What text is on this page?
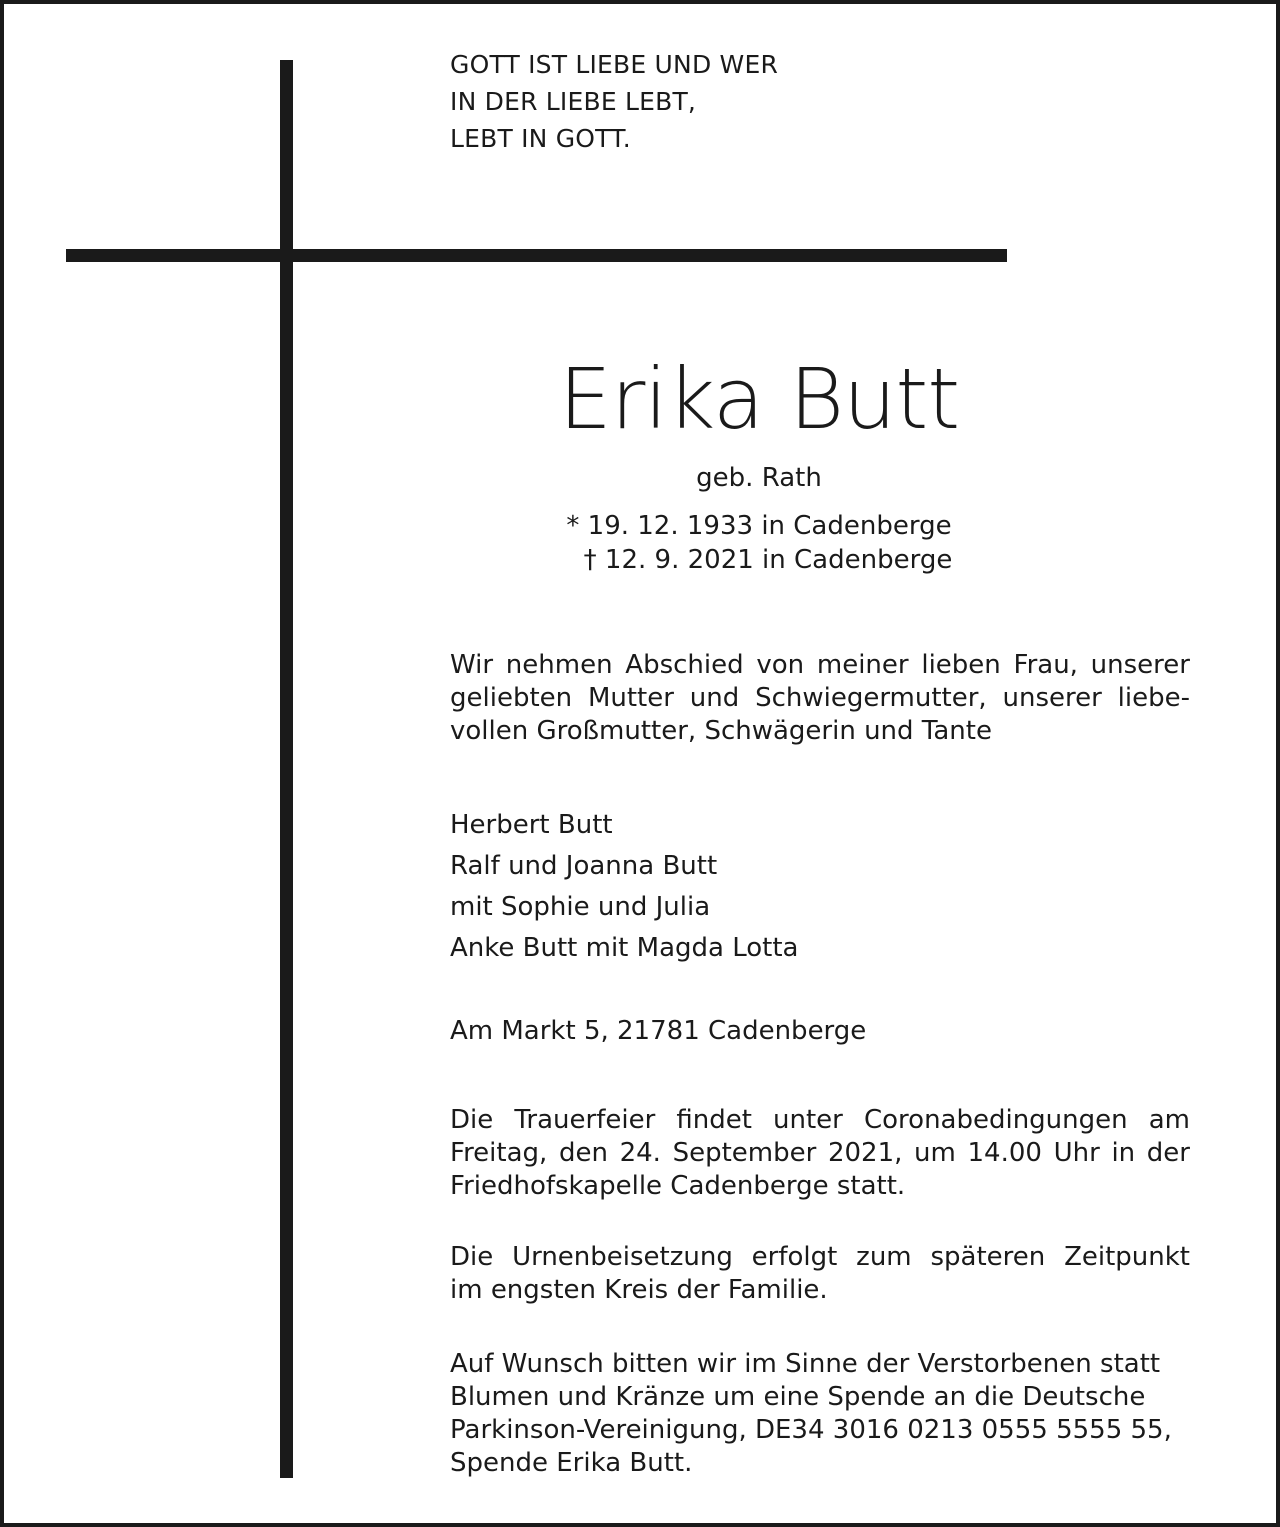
GOTT IST LIEBE UND WER
IN DER LIEBE LEBT,
LEBT IN GOTT.
Erika Butt
geb. Rath
* 19. 12. 1933 in Cadenberge
† 12. 9. 2021 in Cadenberge
Wir nehmen Abschied von meiner lieben Frau, unserer
geliebten Mutter und Schwiegermutter, unserer liebe-
vollen Großmutter, Schwägerin und Tante
Herbert Butt
Ralf und Joanna Butt
mit Sophie und Julia
Anke Butt mit Magda Lotta
Am Markt 5, 21781 Cadenberge
Die Trauerfeier findet unter Coronabedingungen am
Freitag, den 24. September 2021, um 14.00 Uhr in der
Friedhofskapelle Cadenberge statt.
Die Urnenbeisetzung erfolgt zum späteren Zeitpunkt
im engsten Kreis der Familie.
Auf Wunsch bitten wir im Sinne der Verstorbenen statt
Blumen und Kränze um eine Spende an die Deutsche
Parkinson-Vereinigung, DE34 3016 0213 0555 5555 55,
Spende Erika Butt.
